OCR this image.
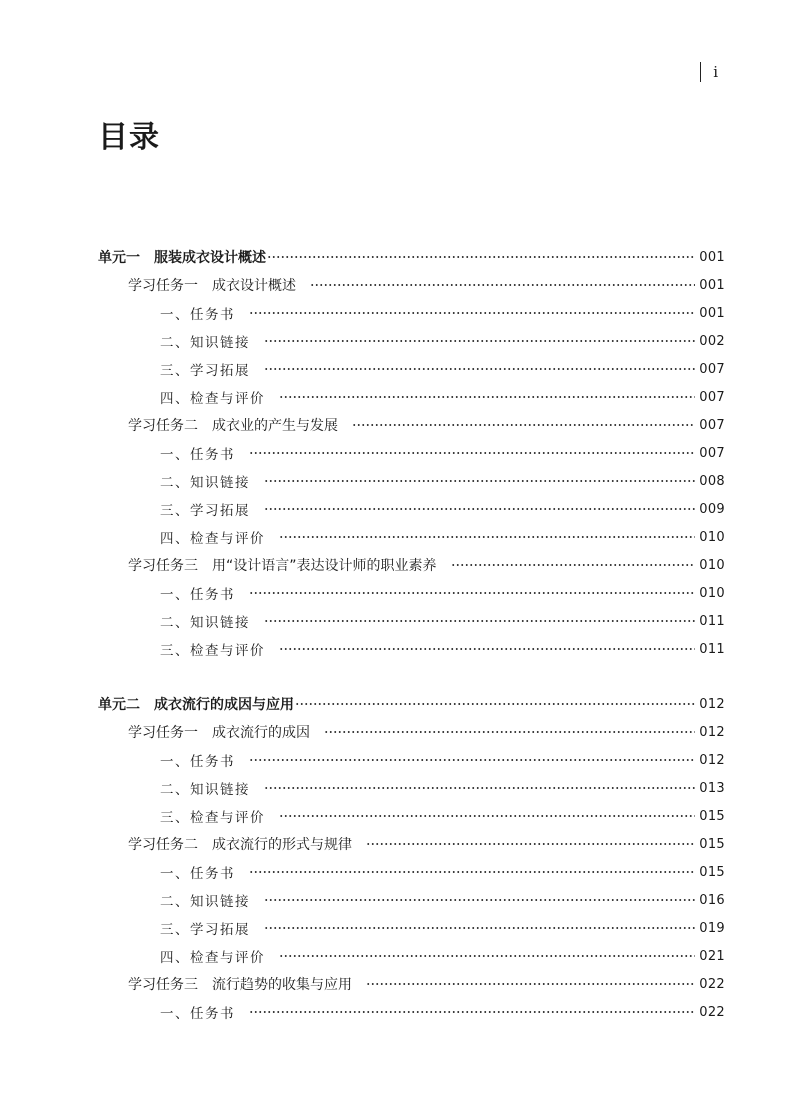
i
目录
单元一　服装成衣设计概述	001
学习任务一　成衣设计概述	001
一、任务书	001
二、知识链接	002
三、学习拓展	007
四、检查与评价	007
学习任务二　成衣业的产生与发展	007
一、任务书	007
二、知识链接	008
三、学习拓展	009
四、检查与评价	010
学习任务三　用“设计语言”表达设计师的职业素养	010
一、任务书	010
二、知识链接	011
三、检查与评价	011
单元二　成衣流行的成因与应用	012
学习任务一　成衣流行的成因	012
一、任务书	012
二、知识链接	013
三、检查与评价	015
学习任务二　成衣流行的形式与规律	015
一、任务书	015
二、知识链接	016
三、学习拓展	019
四、检查与评价	021
学习任务三　流行趋势的收集与应用	022
一、任务书	022
